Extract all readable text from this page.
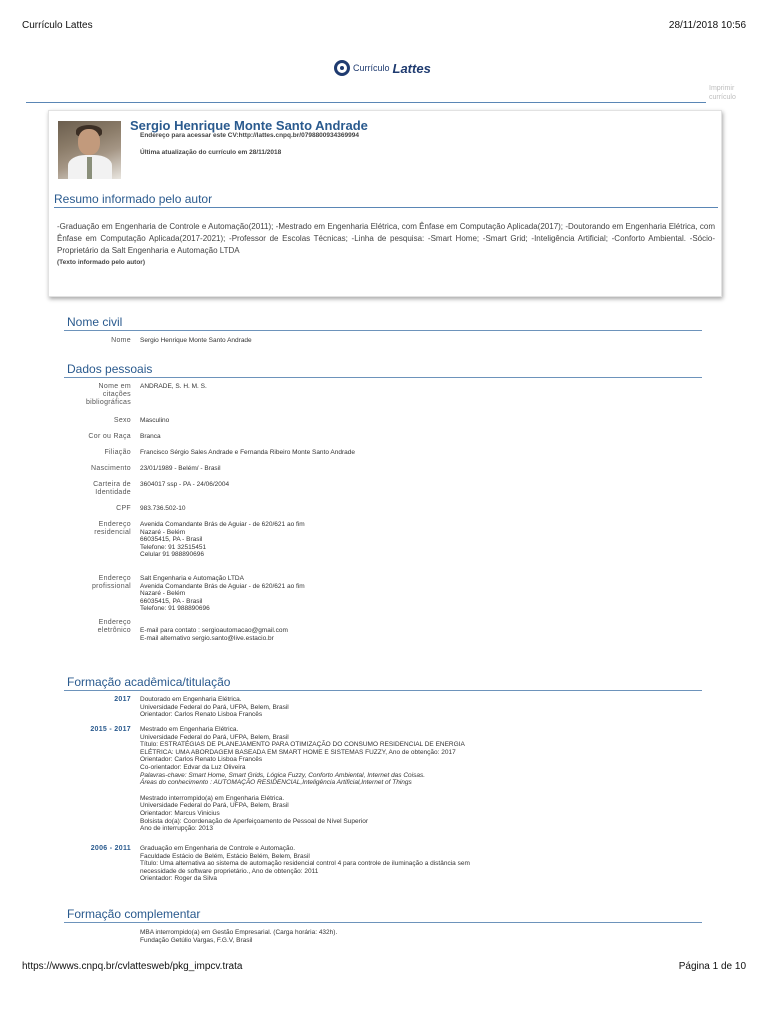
Currículo Lattes	28/11/2018 10:56
Currículo Lattes
Imprimir
currículo
Sergio Henrique Monte Santo Andrade
Endereço para acessar este CV:http://lattes.cnpq.br/0798800934369994
Última atualização do currículo em 28/11/2018
Resumo informado pelo autor
-Graduação em Engenharia de Controle e Automação(2011); -Mestrado em Engenharia Elétrica, com Ênfase em Computação Aplicada(2017); -Doutorando em Engenharia Elétrica, com Ênfase em Computação Aplicada(2017-2021); -Professor de Escolas Técnicas; -Linha de pesquisa: -Smart Home; -Smart Grid; -Inteligência Artificial; -Conforto Ambiental. -Sócio-Proprietário da Salt Engenharia e Automação LTDA
(Texto informado pelo autor)
Nome civil
Nome Sergio Henrique Monte Santo Andrade
Dados pessoais
Nome em citações bibliográficas
ANDRADE, S. H. M. S.
Sexo Masculino
Cor ou Raça Branca
Filiação Francisco Sérgio Sales Andrade e Fernanda Ribeiro Monte Santo Andrade
Nascimento 23/01/1989 - Belém/ - Brasil
Carteira de Identidade
3604017 ssp - PA - 24/06/2004
CPF 983.736.502-10
Endereço residencial
Avenida Comandante Brás de Aguiar - de 620/621 ao fim
Nazaré - Belém
66035415, PA - Brasil
Telefone: 91 32515451
Celular 91 988890696
Endereço profissional
Salt Engenharia e Automação LTDA
Avenida Comandante Brás de Aguiar - de 620/621 ao fim
Nazaré - Belém
66035415, PA - Brasil
Telefone: 91 988890696
Endereço eletrônico E-mail para contato : sergioautomacao@gmail.com
E-mail alternativo sergio.santo@live.estacio.br
Formação acadêmica/titulação
2017 Doutorado em Engenharia Elétrica.
Universidade Federal do Pará, UFPA, Belem, Brasil
Orientador: Carlos Renato Lisboa Francês
2015 - 2017 Mestrado em Engenharia Elétrica.
Universidade Federal do Pará, UFPA, Belem, Brasil
Título: ESTRATÉGIAS DE PLANEJAMENTO PARA OTIMIZAÇÃO DO CONSUMO RESIDENCIAL DE ENERGIA ELÉTRICA: UMA ABORDAGEM BASEADA EM SMART HOME E SISTEMAS FUZZY, Ano de obtenção: 2017
Orientador: Carlos Renato Lisboa Francês
Co-orientador: Edvar da Luz Oliveira
Palavras-chave: Smart Home, Smart Grids, Lógica Fuzzy, Conforto Ambiental, Internet das Coisas.
Áreas do conhecimento : AUTOMAÇÃO RESIDENCIAL,Inteligência Artificial,Internet of Things
Mestrado interrompido(a) em Engenharia Elétrica.
Universidade Federal do Pará, UFPA, Belem, Brasil
Orientador: Marcus Vinicius
Bolsista do(a): Coordenação de Aperfeiçoamento de Pessoal de Nível Superior
Ano de interrupção: 2013
2006 - 2011 Graduação em Engenharia de Controle e Automação.
Faculdade Estácio de Belém, Estácio Belém, Belem, Brasil
Título: Uma alternativa ao sistema de automação residencial control 4 para controle de iluminação a distância sem necessidade de software proprietário., Ano de obtenção: 2011
Orientador: Roger da Silva
Formação complementar
MBA interrompido(a) em Gestão Empresarial. (Carga horária: 432h).
Fundação Getúlio Vargas, F.G.V, Brasil
https://wwws.cnpq.br/cvlattesweb/pkg_impcv.trata	Página 1 de 10
